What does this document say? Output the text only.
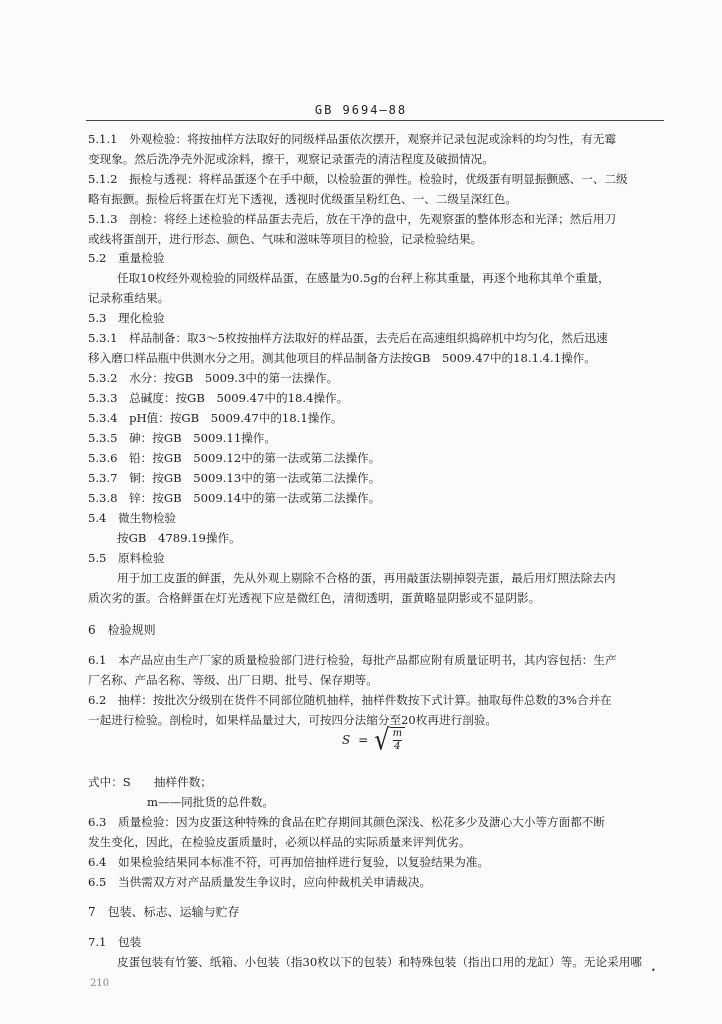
GB 9694—88
5.1.1　外观检验：将按抽样方法取好的同级样品蛋依次摆开，观察并记录包泥或涂料的均匀性，有无霉
变现象。然后洗净壳外泥或涂料，擦干，观察记录蛋壳的清洁程度及破损情况。
5.1.2　振检与透视：将样品蛋逐个在手中颠，以检验蛋的弹性。检验时，优级蛋有明显振颤感、一、二级
略有振颤。振检后将蛋在灯光下透视，透视时优级蛋呈粉红色、一、二级呈深红色。
5.1.3　剖检：将经上述检验的样品蛋去壳后，放在干净的盘中，先观察蛋的整体形态和光泽；然后用刀
或线将蛋剖开，进行形态、颜色、气味和滋味等项目的检验，记录检验结果。
5.2　重量检验
任取10枚经外观检验的同级样品蛋，在感量为0.5g的台秤上称其重量，再逐个地称其单个重量，
记录称重结果。
5.3　理化检验
5.3.1　样品制备：取3～5枚按抽样方法取好的样品蛋，去壳后在高速组织捣碎机中均匀化，然后迅速
移入磨口样品瓶中供测水分之用。测其他项目的样品制备方法按GB　5009.47中的18.1.4.1操作。
5.3.2　水分：按GB　5009.3中的第一法操作。
5.3.3　总碱度：按GB　5009.47中的18.4操作。
5.3.4　pH值：按GB　5009.47中的18.1操作。
5.3.5　砷：按GB　5009.11操作。
5.3.6　铅：按GB　5009.12中的第一法或第二法操作。
5.3.7　铜：按GB　5009.13中的第一法或第二法操作。
5.3.8　锌：按GB　5009.14中的第一法或第二法操作。
5.4　微生物检验
按GB　4789.19操作。
5.5　原料检验
用于加工皮蛋的鲜蛋，先从外观上剔除不合格的蛋，再用敲蛋法剔掉裂壳蛋，最后用灯照法除去内
质次劣的蛋。合格鲜蛋在灯光透视下应是微红色，清彻透明，蛋黄略显阴影或不显阴影。
6　检验规则
6.1　本产品应由生产厂家的质量检验部门进行检验，每批产品都应附有质量证明书，其内容包括：生产
厂名称、产品名称、等级、出厂日期、批号、保存期等。
6.2　抽样：按批次分级别在货件不同部位随机抽样，抽样件数按下式计算。抽取每件总数的3%合并在
一起进行检验。剖检时，如果样品量过大，可按四分法缩分至20枚再进行剖验。
S = √ $\frac{m}{4}$
式中：S　　抽样件数；
m——同批货的总件数。
6.3　质量检验：因为皮蛋这种特殊的食品在贮存期间其颜色深浅、松花多少及溏心大小等方面都不断
发生变化，因此，在检验皮蛋质量时，必须以样品的实际质量来评判优劣。
6.4　如果检验结果同本标准不符，可再加倍抽样进行复验，以复验结果为准。
6.5　当供需双方对产品质量发生争议时，应向仲裁机关申请裁决。
7　包装、标志、运输与贮存
7.1　包装
皮蛋包装有竹篓、纸箱、小包装（指30枚以下的包装）和特殊包装（指出口用的龙缸）等。无论采用哪
210
•
